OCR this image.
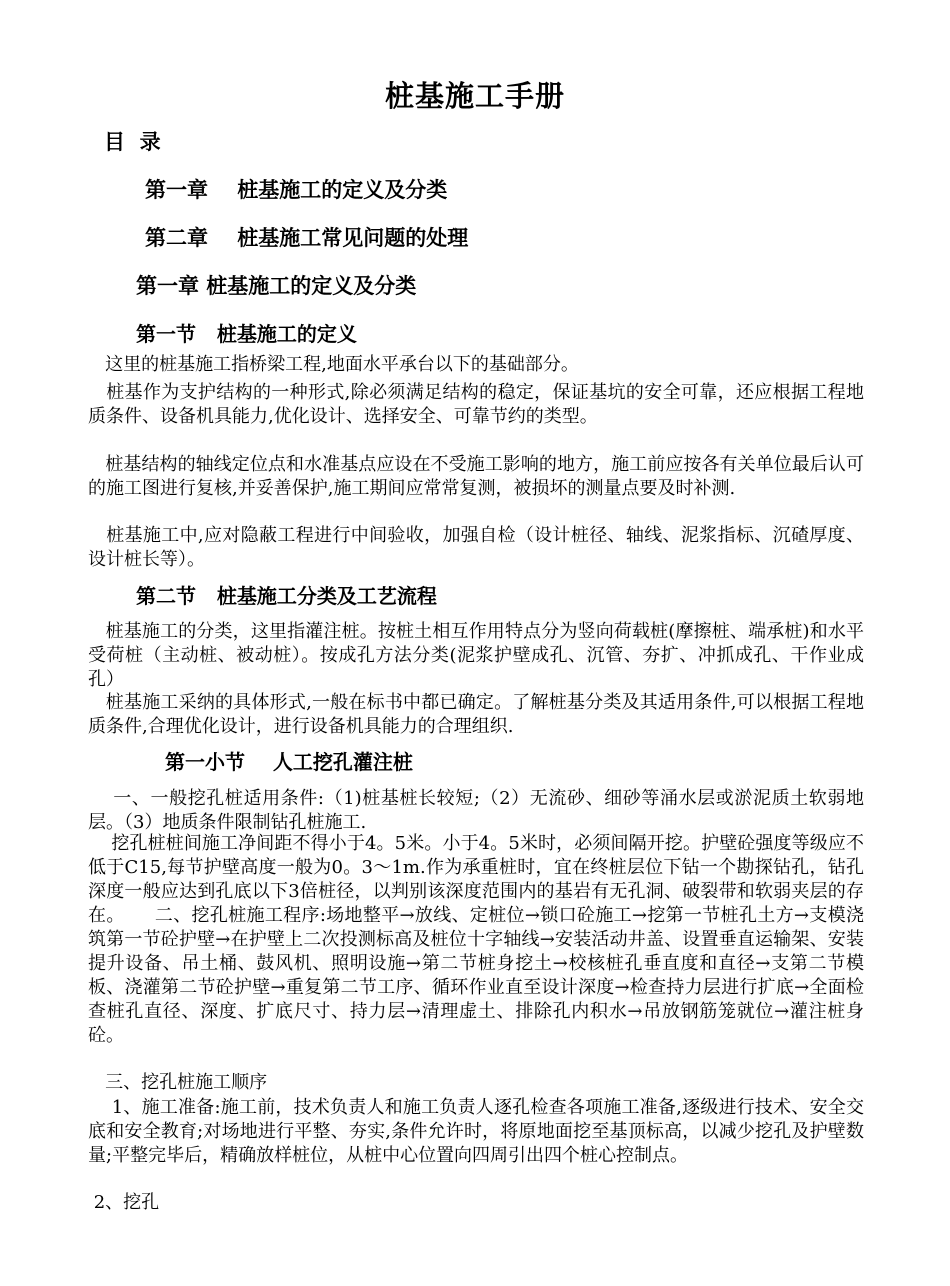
桩基施工手册
目  录
第一章    桩基施工的定义及分类
第二章    桩基施工常见问题的处理
第一章 桩基施工的定义及分类
第一节   桩基施工的定义
这里的桩基施工指桥梁工程,地面水平承台以下的基础部分。
桩基作为支护结构的一种形式,除必须满足结构的稳定，保证基坑的安全可靠，还应根据工程地质条件、设备机具能力,优化设计、选择安全、可靠节约的类型。
桩基结构的轴线定位点和水准基点应设在不受施工影响的地方，施工前应按各有关单位最后认可的施工图进行复核,并妥善保护,施工期间应常常复测，被损坏的测量点要及时补测.
桩基施工中,应对隐蔽工程进行中间验收，加强自检（设计桩径、轴线、泥浆指标、沉碴厚度、设计桩长等）。
第二节   桩基施工分类及工艺流程
桩基施工的分类，这里指灌注桩。按桩土相互作用特点分为竖向荷载桩(摩擦桩、端承桩)和水平受荷桩（主动桩、被动桩）。按成孔方法分类(泥浆护壁成孔、沉管、夯扩、冲抓成孔、干作业成孔）
桩基施工采纳的具体形式,一般在标书中都已确定。了解桩基分类及其适用条件,可以根据工程地质条件,合理优化设计，进行设备机具能力的合理组织.
第一小节    人工挖孔灌注桩
一、一般挖孔桩适用条件:（1)桩基桩长较短;（2）无流砂、细砂等涌水层或淤泥质土软弱地层。（3）地质条件限制钻孔桩施工.
挖孔桩桩间施工净间距不得小于4。5米。小于4。5米时，必须间隔开挖。护壁砼强度等级应不低于C15,每节护壁高度一般为0。3～1m.作为承重桩时，宜在终桩层位下钻一个勘探钻孔，钻孔深度一般应达到孔底以下3倍桩径，以判别该深度范围内的基岩有无孔洞、破裂带和软弱夹层的存在。     二、挖孔桩施工程序:场地整平→放线、定桩位→锁口砼施工→挖第一节桩孔土方→支模浇筑第一节砼护壁→在护壁上二次投测标高及桩位十字轴线→安装活动井盖、设置垂直运输架、安装提升设备、吊土桶、鼓风机、照明设施→第二节桩身挖土→校核桩孔垂直度和直径→支第二节模板、浇灌第二节砼护壁→重复第二节工序、循环作业直至设计深度→检查持力层进行扩底→全面检查桩孔直径、深度、扩底尺寸、持力层→清理虚土、排除孔内积水→吊放钢筋笼就位→灌注桩身砼。
三、挖孔桩施工顺序
1、施工准备:施工前，技术负责人和施工负责人逐孔检查各项施工准备,逐级进行技术、安全交底和安全教育;对场地进行平整、夯实,条件允许时，将原地面挖至基顶标高，以减少挖孔及护壁数量;平整完毕后，精确放样桩位，从桩中心位置向四周引出四个桩心控制点。
2、挖孔
